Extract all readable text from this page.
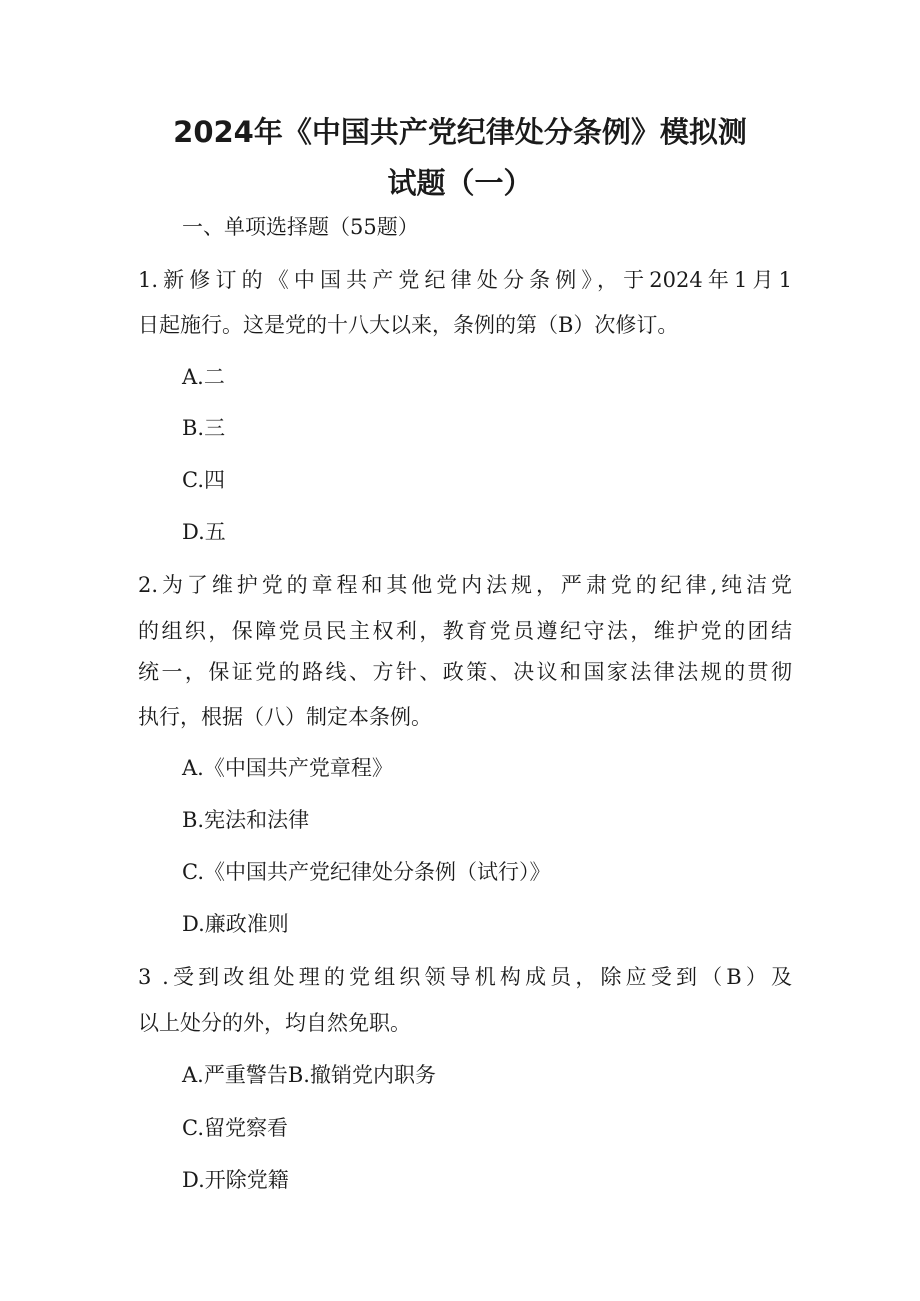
2024年《中国共产党纪律处分条例》模拟测
试题（一）
一、单项选择题（55题）
1.新修订的《中国共产党纪律处分条例》，于2024年1月1
日起施行。这是党的十八大以来，条例的第（B）次修订。
A.二
B.三
C.四
D.五
2.为了维护党的章程和其他党内法规，严肃党的纪律,纯洁党
的组织，保障党员民主权利，教育党员遵纪守法，维护党的团结
统一，保证党的路线、方针、政策、决议和国家法律法规的贯彻
执行，根据（八）制定本条例。
A.《中国共产党章程》
B.宪法和法律
C.《中国共产党纪律处分条例（试行）》
D.廉政准则
3 .受到改组处理的党组织领导机构成员，除应受到（B）及
以上处分的外，均自然免职。
A.严重警告B.撤销党内职务
C.留党察看
D.开除党籍
